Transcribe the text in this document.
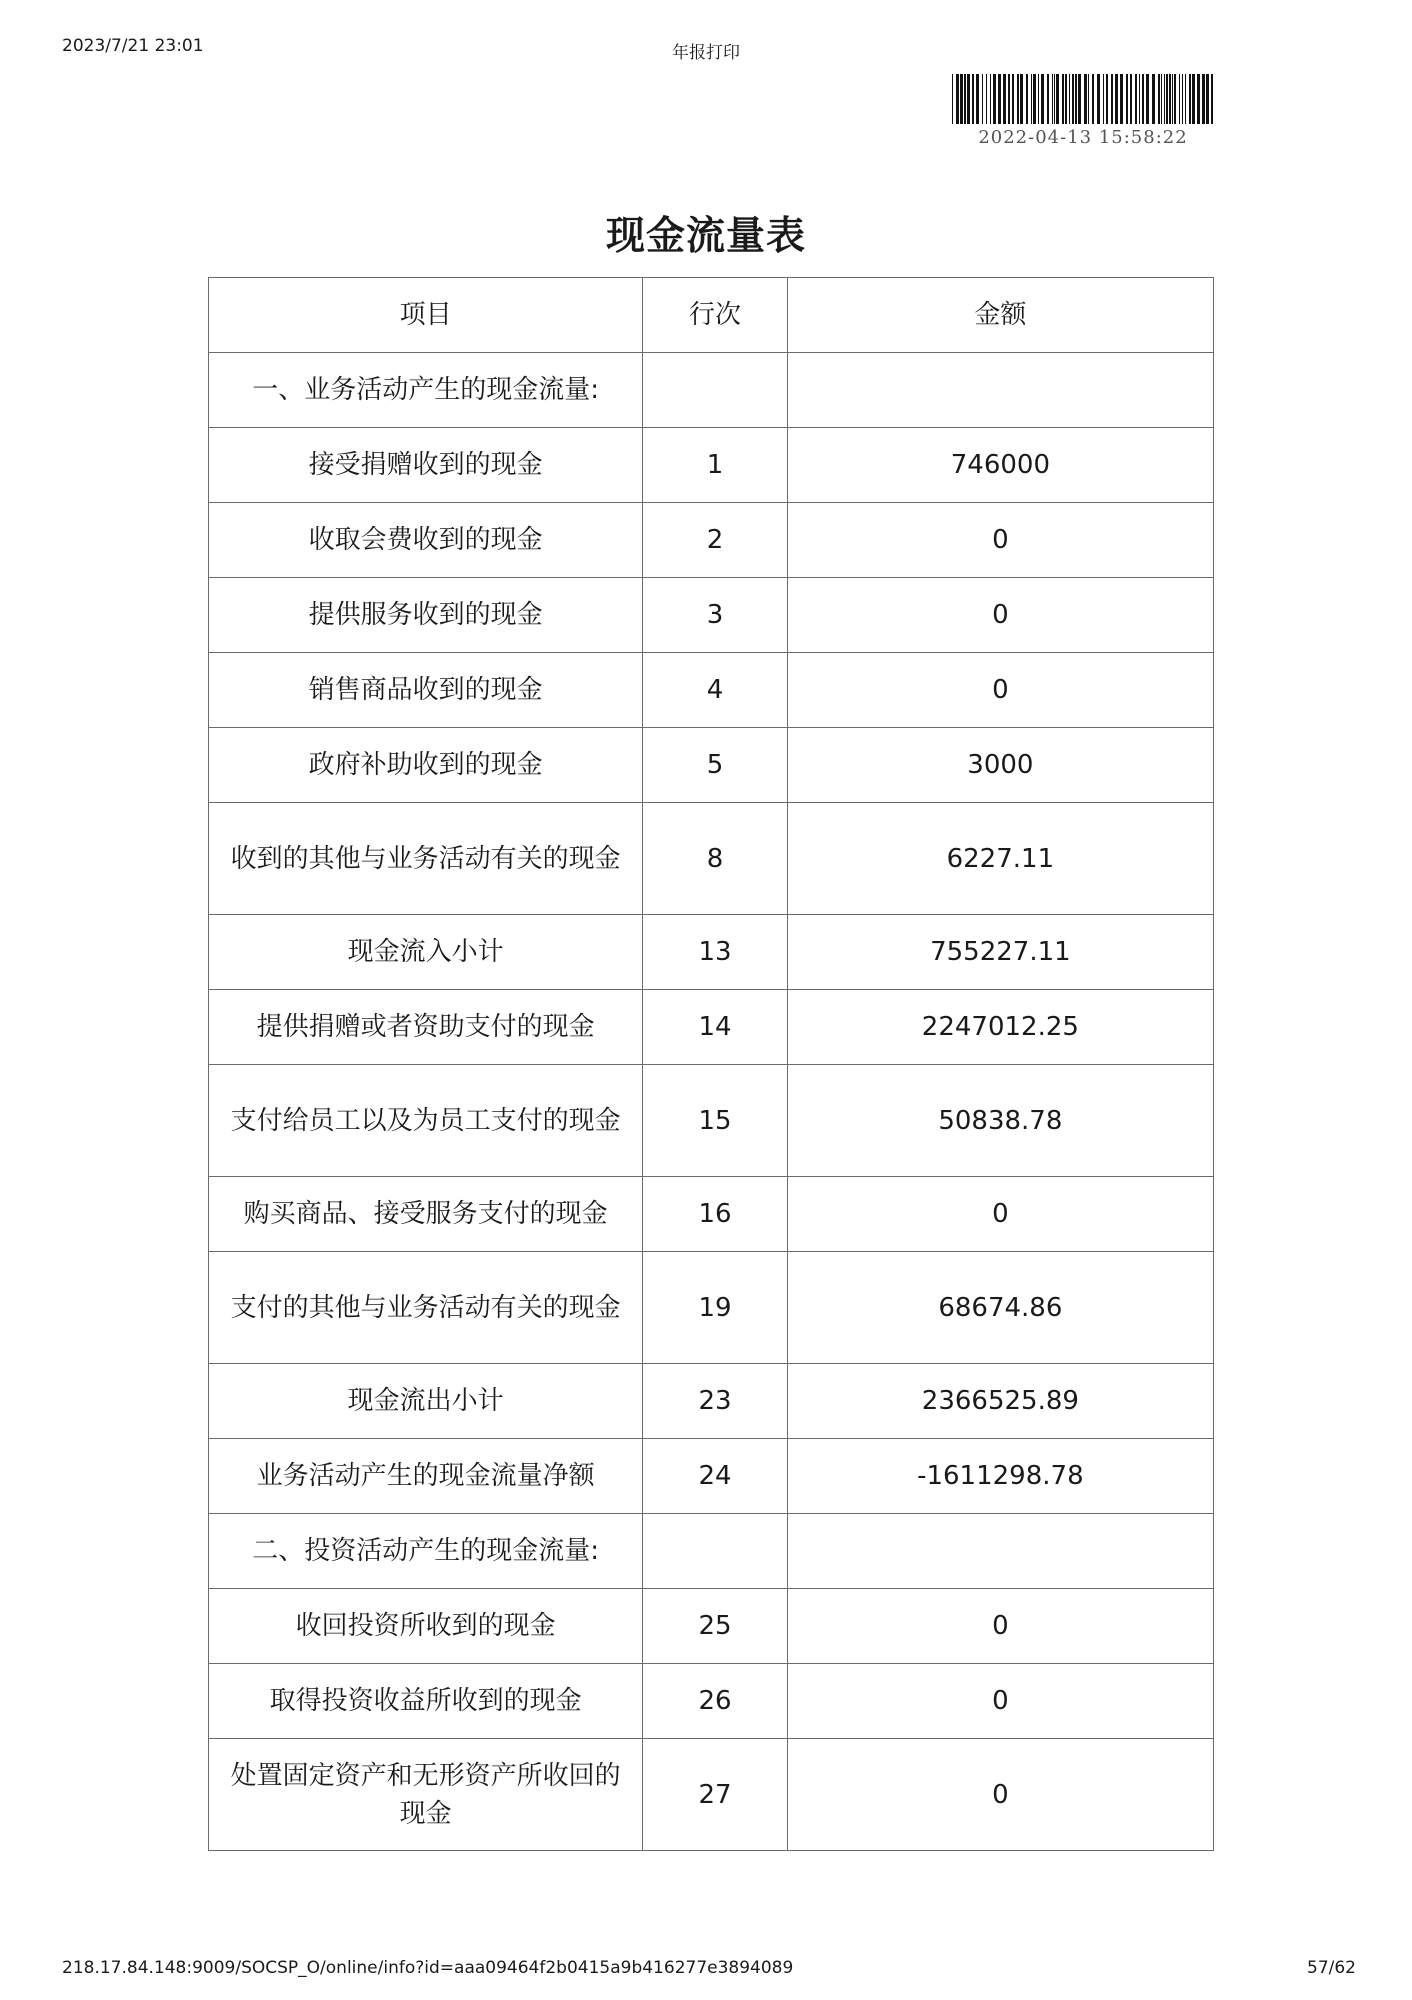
2023/7/21 23:01	年报打印
2022-04-13 15:58:22
现金流量表
项目	行次	金额
一、业务活动产生的现金流量:		
接受捐赠收到的现金	1	746000
收取会费收到的现金	2	0
提供服务收到的现金	3	0
销售商品收到的现金	4	0
政府补助收到的现金	5	3000
收到的其他与业务活动有关的现金	8	6227.11
现金流入小计	13	755227.11
提供捐赠或者资助支付的现金	14	2247012.25
支付给员工以及为员工支付的现金	15	50838.78
购买商品、接受服务支付的现金	16	0
支付的其他与业务活动有关的现金	19	68674.86
现金流出小计	23	2366525.89
业务活动产生的现金流量净额	24	-1611298.78
二、投资活动产生的现金流量:		
收回投资所收到的现金	25	0
取得投资收益所收到的现金	26	0
处置固定资产和无形资产所收回的现金	27	0
218.17.84.148:9009/SOCSP_O/online/info?id=aaa09464f2b0415a9b416277e3894089	57/62
